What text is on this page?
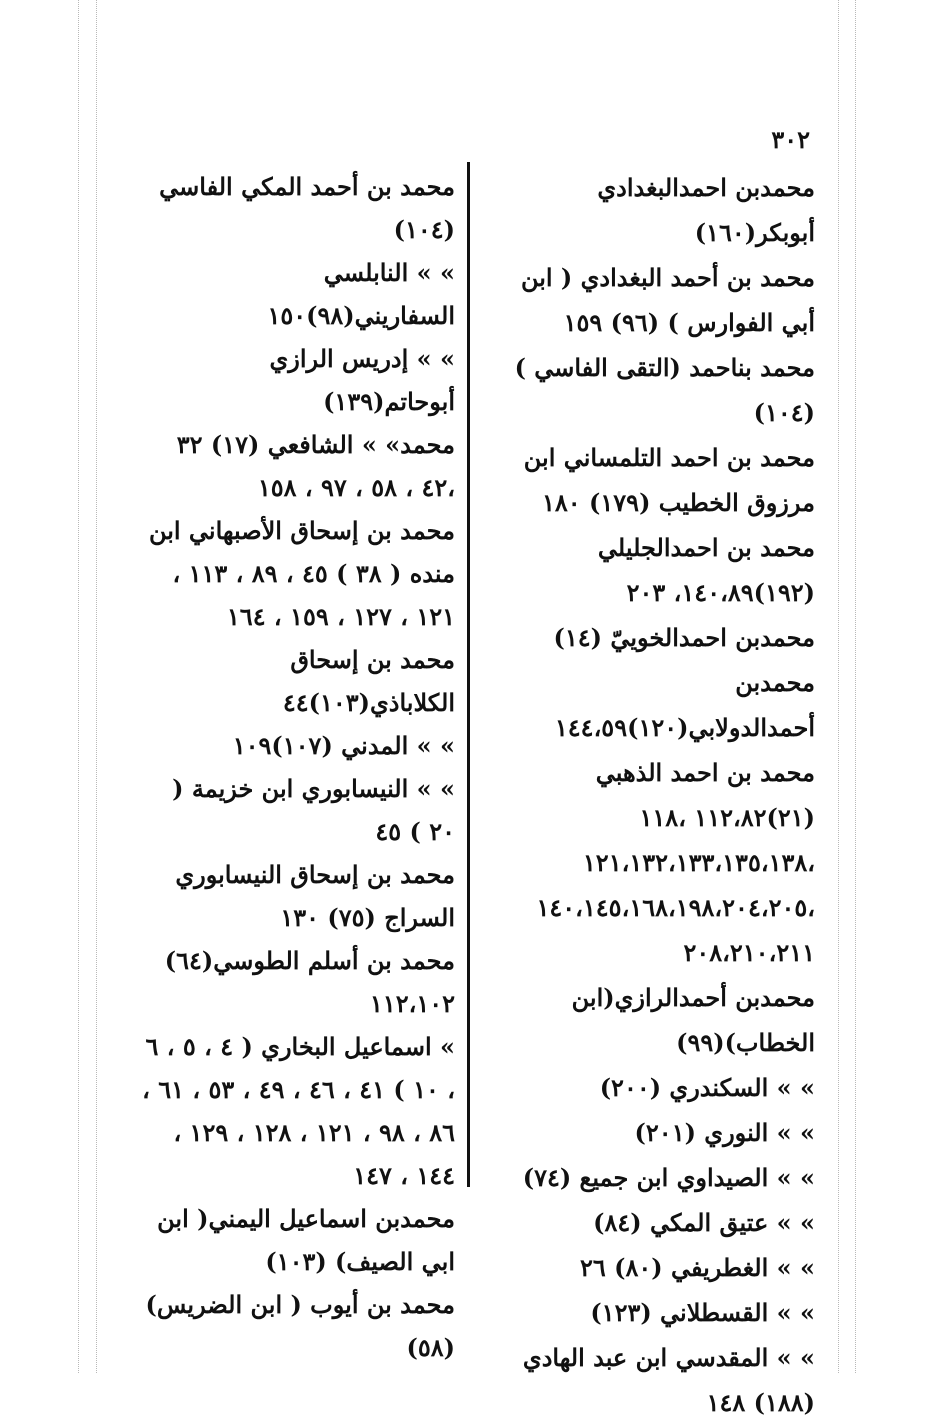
٣٠٢

محمدبن احمدالبغدادي أبوبكر(١٦٠)

محمد بن أحمد البغدادي ( ابن أبي الفوارس ) (٩٦) ١٥٩

محمد بناحمد (التقى الفاسي ) (١٠٤)

محمد بن احمد التلمساني ابن مرزوق الخطيب (١٧٩) ١٨٠

محمد بن احمدالجليلي (١٩٢)١٤٠،٨٩، ٢٠٣

محمدبن احمدالخوييّ (١٤)

محمدبن أحمدالدولابي(١٢٠)١٤٤،٥٩

محمد بن احمد الذهبي (٢١)١١٢،٨٢ ،١١٨ ،١٢١،١٣٢،١٣٣،١٣٥،١٣٨ ،١٤٠،١٤٥،١٦٨،١٩٨،٢٠٤،٢٠٥ ٢٠٨،٢١٠،٢١١

محمدبن أحمدالرازي(ابن الخطاب)(٩٩)

» » السكندري (٢٠٠)

» » النوري (٢٠١)

» » الصيداوي ابن جميع (٧٤)

» » عتيق المكي (٨٤)

» » الغطريفي (٨٠) ٢٦

» » القسطلاني (١٢٣)

» » المقدسي ابن عبد الهادي (١٨٨) ١٤٨

محمد بن أحمد المكي الفاسي (١٠٤)

» » النابلسي السفاريني(٩٨)١٥٠

» » إدريس الرازي أبوحاتم(١٣٩)

محمد» » الشافعي (١٧) ٣٢ ،٤٢ ، ٥٨ ، ٩٧ ، ١٥٨

محمد بن إسحاق الأصبهاني ابن منده ( ٣٨ ) ٤٥ ، ٨٩ ، ١١٣ ، ١٢١ ، ١٢٧ ، ١٥٩ ، ١٦٤

محمد بن إسحاق الكلاباذي(١٠٣)٤٤

» » المدني (١٠٧)١٠٩

» » النيسابوري ابن خزيمة ( ٢٠ ) ٤٥

محمد بن إسحاق النيسابوري السراج (٧٥) ١٣٠

محمد بن أسلم الطوسي(٦٤) ١١٢،١٠٢

» اسماعيل البخاري ( ٤ ، ٥ ، ٦ ، ١٠ ) ٤١ ، ٤٦ ، ٤٩ ، ٥٣ ، ٦١ ، ٨٦ ، ٩٨ ، ١٢١ ، ١٢٨ ، ١٢٩ ، ١٤٤ ، ١٤٧

محمدبن اسماعيل اليمني( ابن ابي الصيف) (١٠٣)

محمد بن أيوب ( ابن الضريس)(٥٨)
